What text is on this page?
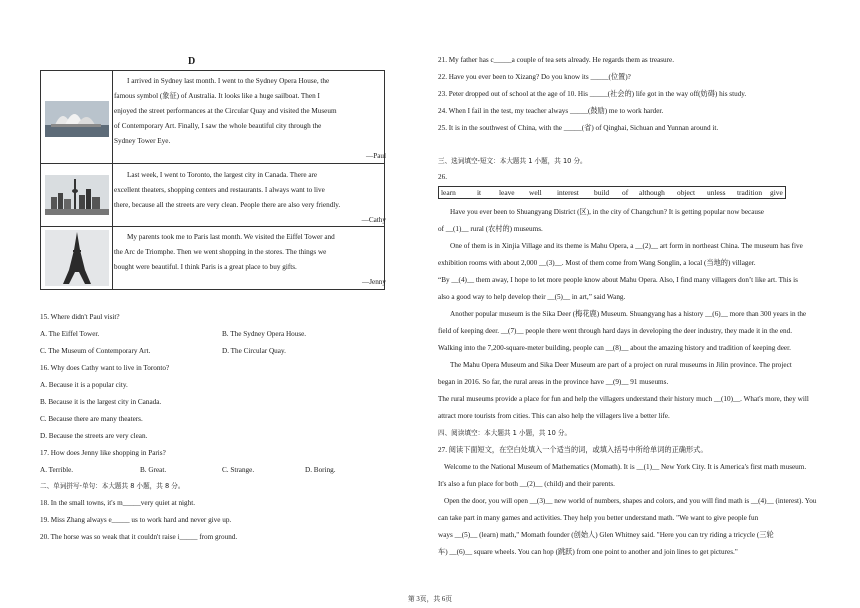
D
I arrived in Sydney last month. I went to the Sydney Opera House, the
famous symbol (象征) of Australia. It looks like a huge sailboat. Then I
enjoyed the street performances at the Circular Quay and visited the Museum
of Contemporary Art. Finally, I saw the whole beautiful city through the
Sydney Tower Eye.
—Paul
Last week, I went to Toronto, the largest city in Canada. There are
excellent theaters, shopping centers and restaurants. I always want to live
there, because all the streets are very clean. People there are also very friendly.
—Cathy
My parents took me to Paris last month. We visited the Eiffel Tower and
the Arc de Triomphe. Then we went shopping in the stores. The things we
bought were beautiful. I think Paris is a great place to buy gifts.
—Jenny
15. Where didn't Paul visit?
A. The Eiffel Tower.	B. The Sydney Opera House.
C. The Museum of Contemporary Art.	D. The Circular Quay.
16. Why does Cathy want to live in Toronto?
A. Because it is a popular city.
B. Because it is the largest city in Canada.
C. Because there are many theaters.
D. Because the streets are very clean.
17. How does Jenny like shopping in Paris?
A. Terrible.	B. Great.	C. Strange.	D. Boring.
二、单词拼写-单句：本大题共 8 小题，共 8 分。
18. In the small towns, it's m_____very quiet at night.
19. Miss Zhang always e_____ us to work hard and never give up.
20. The horse was so weak that it couldn't raise i_____ from ground.
21. My father has c_____a couple of tea sets already. He regards them as treasure.
22. Have you ever been to Xizang? Do you know its _____(位置)?
23. Peter dropped out of school at the age of 10. His _____(社会的) life got in the way off(妨碍) his study.
24. When I fail in the test, my teacher always _____(鼓励) me to work harder.
25. It is in the southwest of China, with the _____(省) of Qinghai, Sichuan and Yunnan around it.
三、选词填空-短文：本大题共 1 小题，共 10 分。
26.
learn	it leave well interest build of although object unless tradition give
Have you ever been to Shuangyang District (区), in the city of Changchun? It is getting popular now because
of __(1)__ rural (农村的) museums.
One of them is in Xinjia Village and its theme is Mahu Opera, a __(2)__ art form in northeast China. The museum has five
exhibition rooms with about 2,000 __(3)__. Most of them come from Wang Songlin, a local (当地的) villager.
“By __(4)__ them away, I hope to let more people know about Mahu Opera. Also, I find many villagers don’t like art. This is
also a good way to help develop their __(5)__ in art,” said Wang.
Another popular museum is the Sika Deer (梅花鹿) Museum. Shuangyang has a history __(6)__ more than 300 years in the
field of keeping deer. __(7)__ people there went through hard days in developing the deer industry, they made it in the end.
Walking into the 7,200-square-meter building, people can __(8)__ about the amazing history and tradition of keeping deer.
The Mahu Opera Museum and Sika Deer Museum are part of a project on rural museums in Jilin province. The project
began in 2016. So far, the rural areas in the province have __(9)__ 91 museums.
The rural museums provide a place for fun and help the villagers understand their history much __(10)__. What's more, they will
attract more tourists from cities. This can also help the villagers live a better life.
四、阅读填空：本大题共 1 小题，共 10 分。
27. 阅读下面短文，在空白处填入一个适当的词，或填入括号中所给单词的正确形式。
Welcome to the National Museum of Mathematics (Momath). It is __(1)__ New York City. It is America's first math museum.
It's also a fun place for both __(2)__ (child) and their parents.
Open the door, you will open __(3)__ new world of numbers, shapes and colors, and you will find math is __(4)__ (interest). You
can take part in many games and activities. They help you better understand math. "We want to give people fun
ways __(5)__ (learn) math," Momath founder (创始人) Glen Whitney said. "Here you can try riding a tricycle (三轮
车) __(6)__ square wheels. You can hop (跳跃) from one point to another and join lines to get pictures."
第 3页，共 6页
